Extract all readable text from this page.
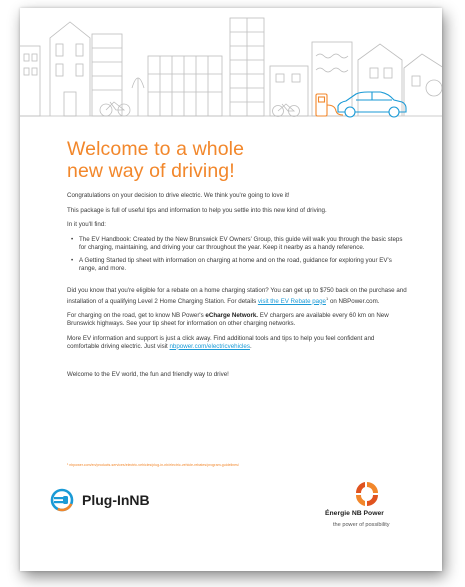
Welcome to a whole
new way of driving!

Congratulations on your decision to drive electric. We think you're going to love it!

This package is full of useful tips and information to help you settle into this new kind of driving.

In it you'll find:

• The EV Handbook: Created by the New Brunswick EV Owners' Group, this guide will walk you through the basic steps for charging, maintaining, and driving your car throughout the year. Keep it nearby as a handy reference.
• A Getting Started tip sheet with information on charging at home and on the road, guidance for exploring your EV's range, and more.

Did you know that you're eligible for a rebate on a home charging station? You can get up to $750 back on the purchase and installation of a qualifying Level 2 Home Charging Station. For details visit the EV Rebate page$^1$ on NBPower.com.

For charging on the road, get to know NB Power's eCharge Network. EV chargers are available every 60 km on New Brunswick highways. See your tip sheet for information on other charging networks.

More EV information and support is just a click away. Find additional tools and tips to help you feel confident and comfortable driving electric. Just visit nbpower.com/electricvehicles.

Welcome to the EV world, the fun and friendly way to drive!

¹ nbpower.com/en/products-services/electric-vehicles/plug-in-nb/electric-vehicle-rebates/program-guidelines/
Plug-InNB
Énergie NB Power
the power of possibility
